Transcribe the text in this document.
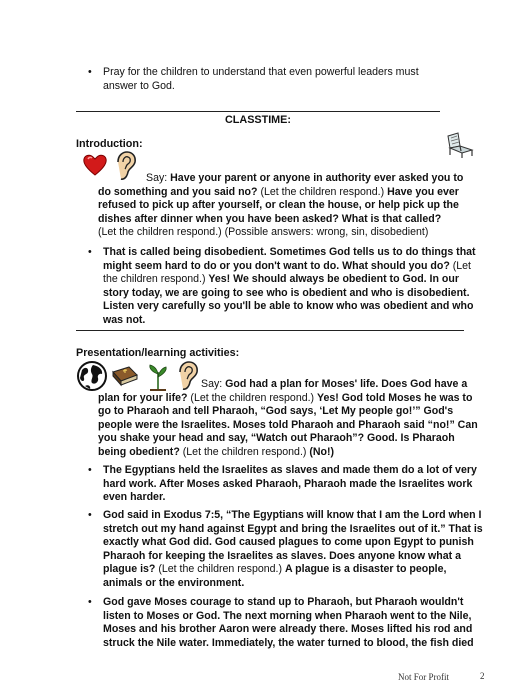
•	Pray for the children to understand that even powerful leaders must answer to God.
CLASSTIME:
Introduction:
Say: Have your parent or anyone in authority ever asked you to do something and you said no? (Let the children respond.) Have you ever refused to pick up after yourself, or clean the house, or help pick up the dishes after dinner when you have been asked? What is that called?
(Let the children respond.) (Possible answers: wrong, sin, disobedient)
•	That is called being disobedient. Sometimes God tells us to do things that might seem hard to do or you don't want to do. What should you do? (Let the children respond.) Yes! We should always be obedient to God. In our story today, we are going to see who is obedient and who is disobedient. Listen very carefully so you'll be able to know who was obedient and who was not.
Presentation/learning activities:
Say: God had a plan for Moses' life. Does God have a plan for your life? (Let the children respond.) Yes! God told Moses he was to go to Pharaoh and tell Pharaoh, “God says, ‘Let My people go!’” God's people were the Israelites. Moses told Pharaoh and Pharaoh said “no!” Can you shake your head and say, “Watch out Pharaoh”? Good. Is Pharaoh being obedient? (Let the children respond.) (No!)
•	The Egyptians held the Israelites as slaves and made them do a lot of very hard work. After Moses asked Pharaoh, Pharaoh made the Israelites work even harder.
•	God said in Exodus 7:5, “The Egyptians will know that I am the Lord when I stretch out my hand against Egypt and bring the Israelites out of it.” That is exactly what God did. God caused plagues to come upon Egypt to punish Pharaoh for keeping the Israelites as slaves. Does anyone know what a plague is? (Let the children respond.) A plague is a disaster to people, animals or the environment.
•	God gave Moses courage to stand up to Pharaoh, but Pharaoh wouldn't listen to Moses or God. The next morning when Pharaoh went to the Nile, Moses and his brother Aaron were already there. Moses lifted his rod and struck the Nile water. Immediately, the water turned to blood, the fish died
Not For Profit	2
